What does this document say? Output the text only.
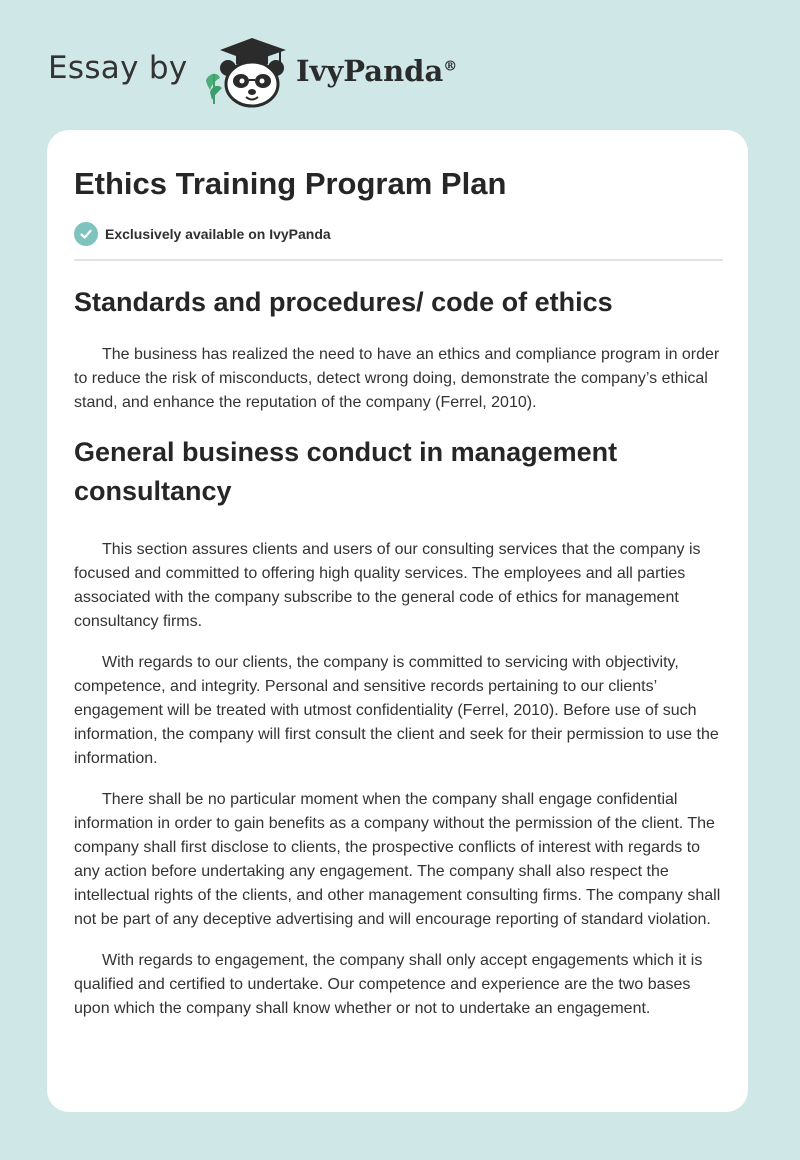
Essay by	IvyPanda®
Ethics Training Program Plan
Exclusively available on IvyPanda
Standards and procedures/ code of ethics

The business has realized the need to have an ethics and compliance program in order to reduce the risk of misconducts, detect wrong doing, demonstrate the company’s ethical stand, and enhance the reputation of the company (Ferrel, 2010).

General business conduct in management consultancy

This section assures clients and users of our consulting services that the company is focused and committed to offering high quality services. The employees and all parties associated with the company subscribe to the general code of ethics for management consultancy firms.

With regards to our clients, the company is committed to servicing with objectivity, competence, and integrity. Personal and sensitive records pertaining to our clients’ engagement will be treated with utmost confidentiality (Ferrel, 2010). Before use of such information, the company will first consult the client and seek for their permission to use the information.

There shall be no particular moment when the company shall engage confidential information in order to gain benefits as a company without the permission of the client. The company shall first disclose to clients, the prospective conflicts of interest with regards to any action before undertaking any engagement. The company shall also respect the intellectual rights of the clients, and other management consulting firms. The company shall not be part of any deceptive advertising and will encourage reporting of standard violation.

With regards to engagement, the company shall only accept engagements which it is qualified and certified to undertake. Our competence and experience are the two bases upon which the company shall know whether or not to undertake an engagement.
